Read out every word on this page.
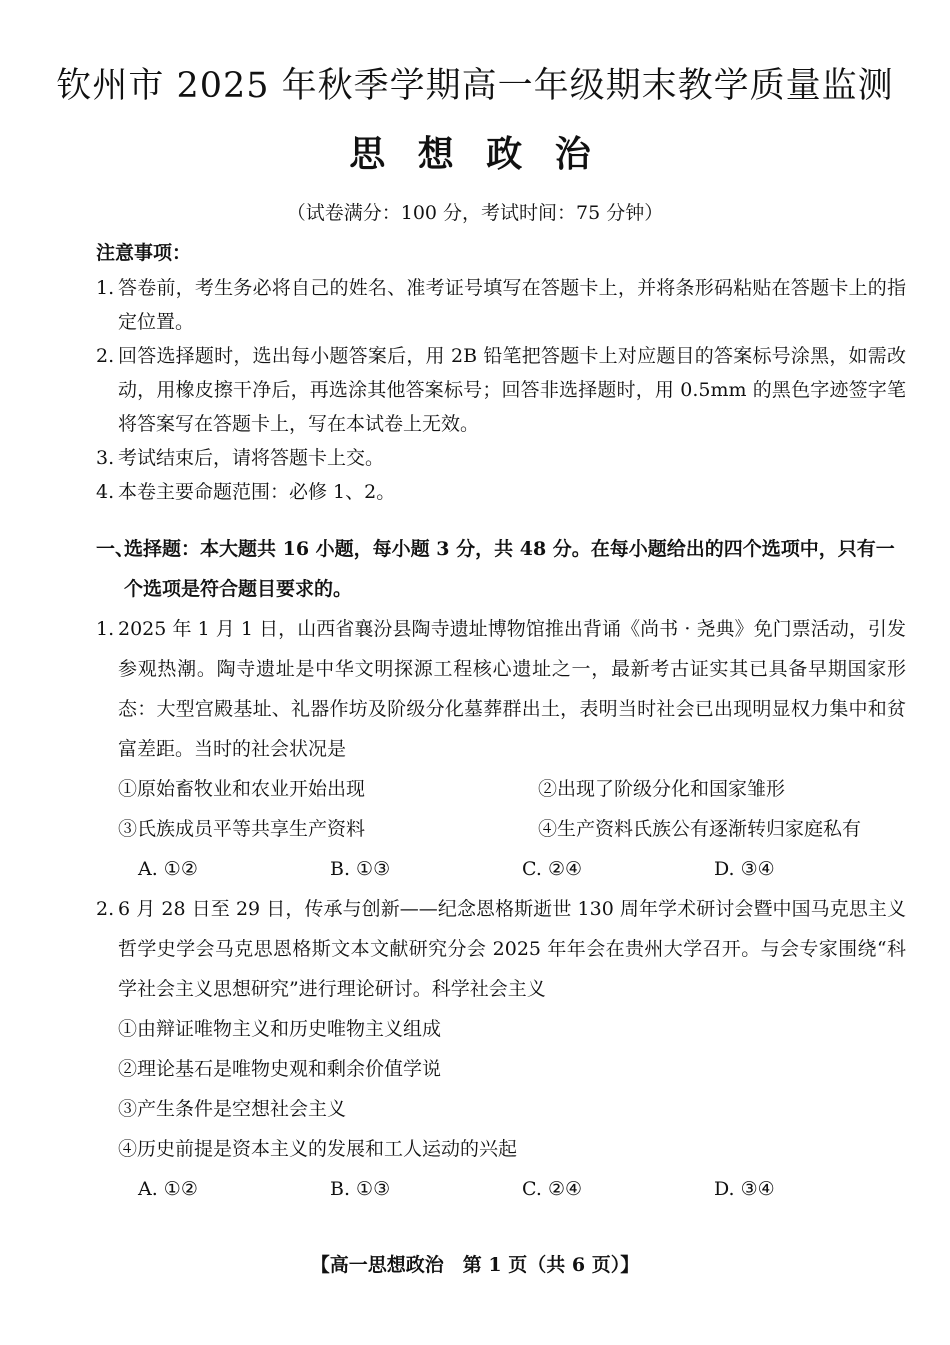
钦州市 2025 年秋季学期高一年级期末教学质量监测
思 想 政 治
（试卷满分：100 分，考试时间：75 分钟）
注意事项：
1. 答卷前，考生务必将自己的姓名、准考证号填写在答题卡上，并将条形码粘贴在答题卡上的指定位置。
2. 回答选择题时，选出每小题答案后，用 2B 铅笔把答题卡上对应题目的答案标号涂黑，如需改动，用橡皮擦干净后，再选涂其他答案标号；回答非选择题时，用 0.5mm 的黑色字迹签字笔将答案写在答题卡上，写在本试卷上无效。
3. 考试结束后，请将答题卡上交。
4. 本卷主要命题范围：必修 1、2。
一、
选择题：本大题共 16 小题，每小题 3 分，共 48 分。在每小题给出的四个选项中，只有一个选项是符合题目要求的。
1. 2025 年 1 月 1 日，山西省襄汾县陶寺遗址博物馆推出背诵《尚书 · 尧典》免门票活动，引发参观热潮。陶寺遗址是中华文明探源工程核心遗址之一，最新考古证实其已具备早期国家形态：大型宫殿基址、礼器作坊及阶级分化墓葬群出土，表明当时社会已出现明显权力集中和贫富差距。当时的社会状况是
①原始畜牧业和农业开始出现	②出现了阶级分化和国家雏形
③氏族成员平等共享生产资料	④生产资料氏族公有逐渐转归家庭私有
A. ①②	B. ①③	C. ②④	D. ③④
2. 6 月 28 日至 29 日，传承与创新——纪念恩格斯逝世 130 周年学术研讨会暨中国马克思主义哲学史学会马克思恩格斯文本文献研究分会 2025 年年会在贵州大学召开。与会专家围绕“科学社会主义思想研究”进行理论研讨。科学社会主义
①由辩证唯物主义和历史唯物主义组成
②理论基石是唯物史观和剩余价值学说
③产生条件是空想社会主义
④历史前提是资本主义的发展和工人运动的兴起
A. ①②	B. ①③	C. ②④	D. ③④
【高一思想政治　第 1 页（共 6 页）】
